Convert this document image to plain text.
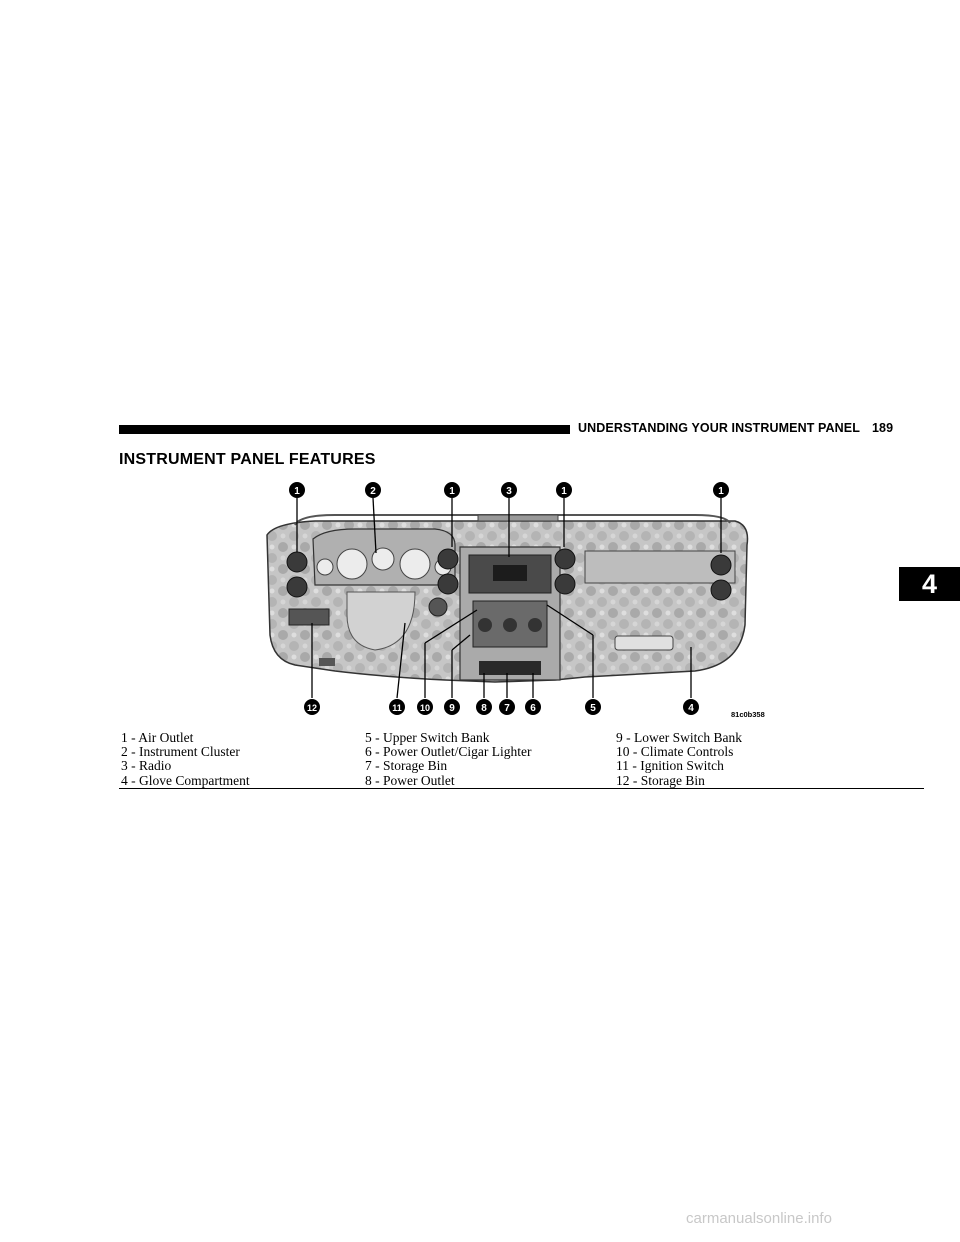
UNDERSTANDING YOUR INSTRUMENT PANEL 189
INSTRUMENT PANEL FEATURES
4
1	2	1	3	1	1
12	11 10 9	8 7 6	5	4
81c0b358
1 - Air Outlet
2 - Instrument Cluster
3 - Radio
4 - Glove Compartment
5 - Upper Switch Bank
6 - Power Outlet/Cigar Lighter
7 - Storage Bin
8 - Power Outlet
9 - Lower Switch Bank
10 - Climate Controls
11 - Ignition Switch
12 - Storage Bin
carmanualsonline.info
